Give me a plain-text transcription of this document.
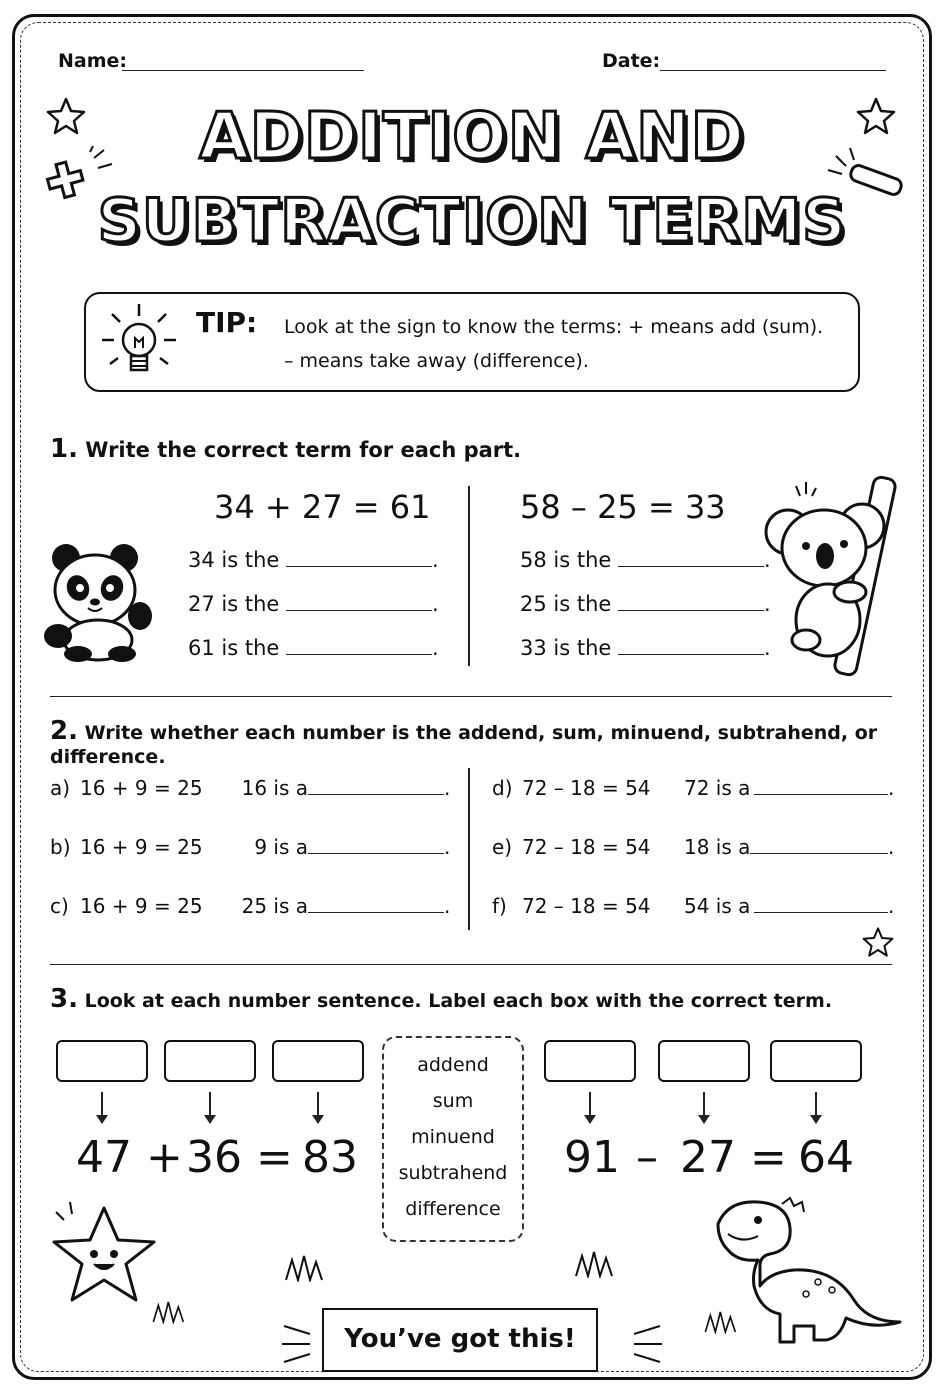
Name:	Date:
ADDITION AND
SUBTRACTION TERMS
TIP: Look at the sign to know the terms: + means add (sum).
– means take away (difference).
1. Write the correct term for each part.
34 + 27 = 61	58 – 25 = 33
34 is the	.
27 is the	.
61 is the	.
58 is the	.
25 is the	.
33 is the	.
2. Write whether each number is the addend, sum, minuend, subtrahend, or difference.
a) 16 + 9 = 25 16 is a	.
b) 16 + 9 = 25	9 is a	.
c) 16 + 9 = 25 25 is a	.
d) 72 – 18 = 54 72 is a	.
e) 72 – 18 = 54 18 is a	.
f) 72 – 18 = 54 54 is a	.
3. Look at each number sentence. Label each box with the correct term.
47 + 36 = 83
addend
sum
minuend
subtrahend
difference
91 – 27 = 64
You’ve got this!
